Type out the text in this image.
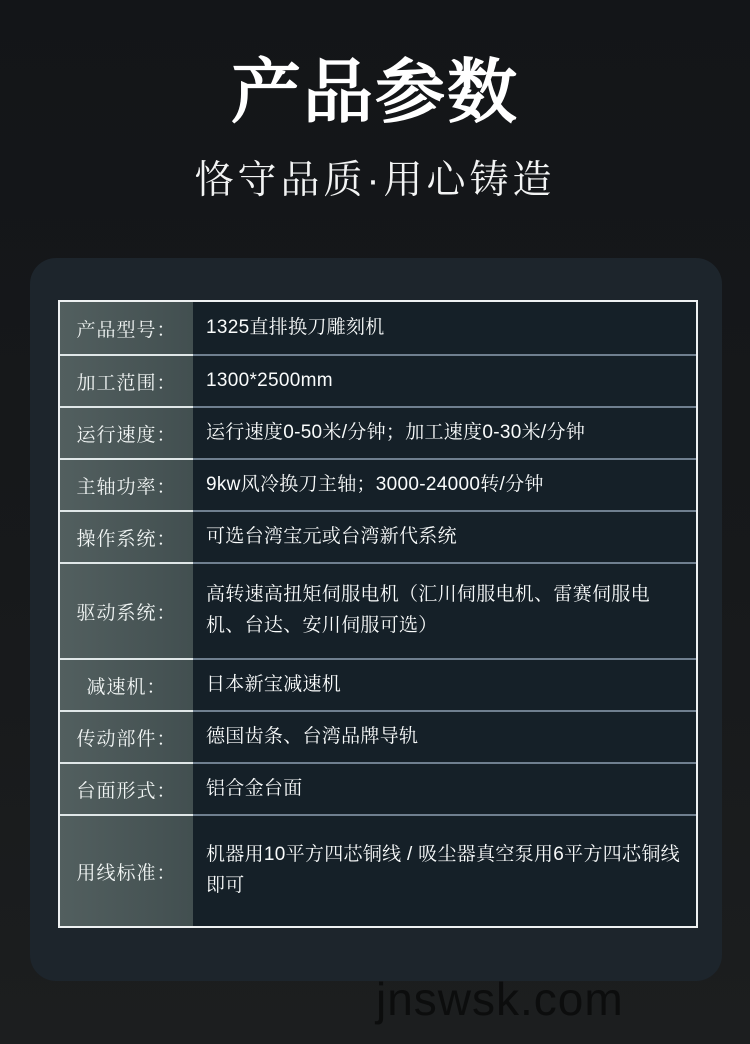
产品参数
恪守品质·用心铸造
产品型号：	1325直排换刀雕刻机
加工范围：	1300*2500mm
运行速度：	运行速度0-50米/分钟；加工速度0-30米/分钟
主轴功率：	9kw风冷换刀主轴；3000-24000转/分钟
操作系统：	可选台湾宝元或台湾新代系统
驱动系统：
高转速高扭矩伺服电机（汇川伺服电机、雷赛伺服电机、台达、安川伺服可选）
减速机：	日本新宝减速机
传动部件：	德国齿条、台湾品牌导轨
台面形式：	铝合金台面
用线标准：
机器用10平方四芯铜线 / 吸尘器真空泵用6平方四芯铜线即可
jnswsk.com
